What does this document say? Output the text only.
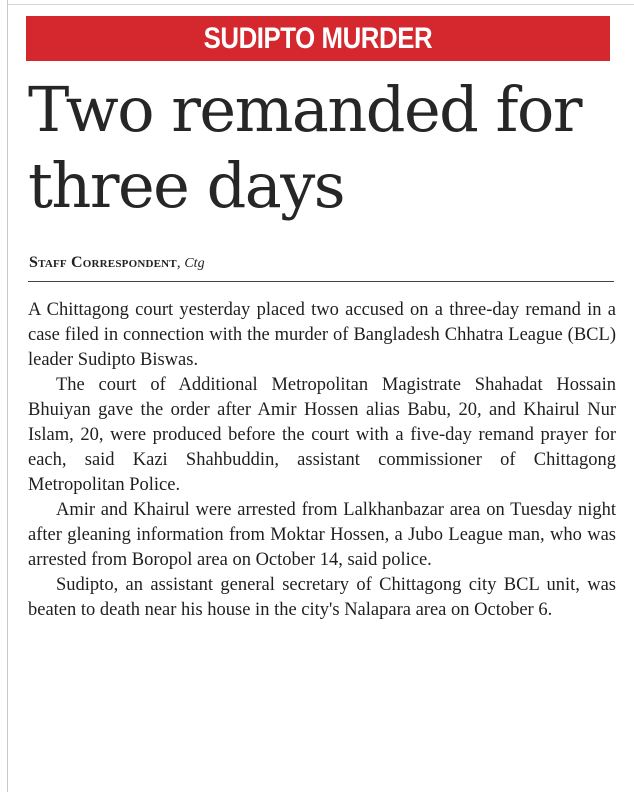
SUDIPTO MURDER
Two remanded for
three days
Staff Correspondent, Ctg

A Chittagong court yesterday placed two accused on a three-day remand in a case filed in connection with the murder of Bangladesh Chhatra League (BCL) leader Sudipto Biswas.

The court of Additional Metropolitan Magistrate Shahadat Hossain Bhuiyan gave the order after Amir Hossen alias Babu, 20, and Khairul Nur Islam, 20, were produced before the court with a five-day remand prayer for each, said Kazi Shahbuddin, assistant commissioner of Chittagong Metropolitan Police.

Amir and Khairul were arrested from Lalkhanbazar area on Tuesday night after gleaning information from Moktar Hossen, a Jubo League man, who was arrested from Boropol area on October 14, said police.

Sudipto, an assistant general secretary of Chittagong city BCL unit, was beaten to death near his house in the city's Nalapara area on October 6.
